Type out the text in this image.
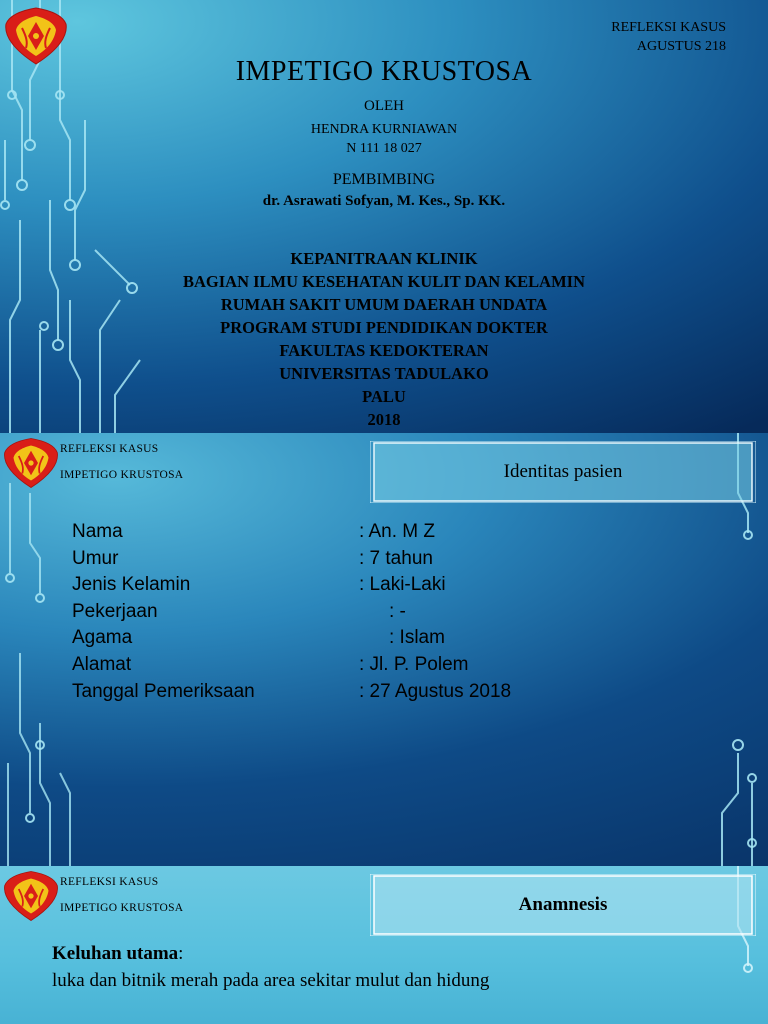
REFLEKSI KASUS
AGUSTUS 218
IMPETIGO KRUSTOSA
OLEH
HENDRA KURNIAWAN
N 111 18 027
PEMBIMBING
dr. Asrawati Sofyan, M. Kes., Sp. KK.
KEPANITRAAN KLINIK
BAGIAN ILMU KESEHATAN KULIT DAN KELAMIN
RUMAH SAKIT UMUM DAERAH UNDATA
PROGRAM STUDI PENDIDIKAN DOKTER
FAKULTAS KEDOKTERAN
UNIVERSITAS TADULAKO
PALU
2018
REFLEKSI KASUS
IMPETIGO KRUSTOSA	Identitas pasien
Nama	: An. M Z
Umur	: 7 tahun
Jenis Kelamin	: Laki-Laki
Pekerjaan	: -
Agama	: Islam
Alamat	: Jl. P. Polem
Tanggal Pemeriksaan	: 27 Agustus 2018
REFLEKSI KASUS
IMPETIGO KRUSTOSA	Anamnesis
Keluhan utama:
luka dan bitnik merah pada area sekitar mulut dan hidung
